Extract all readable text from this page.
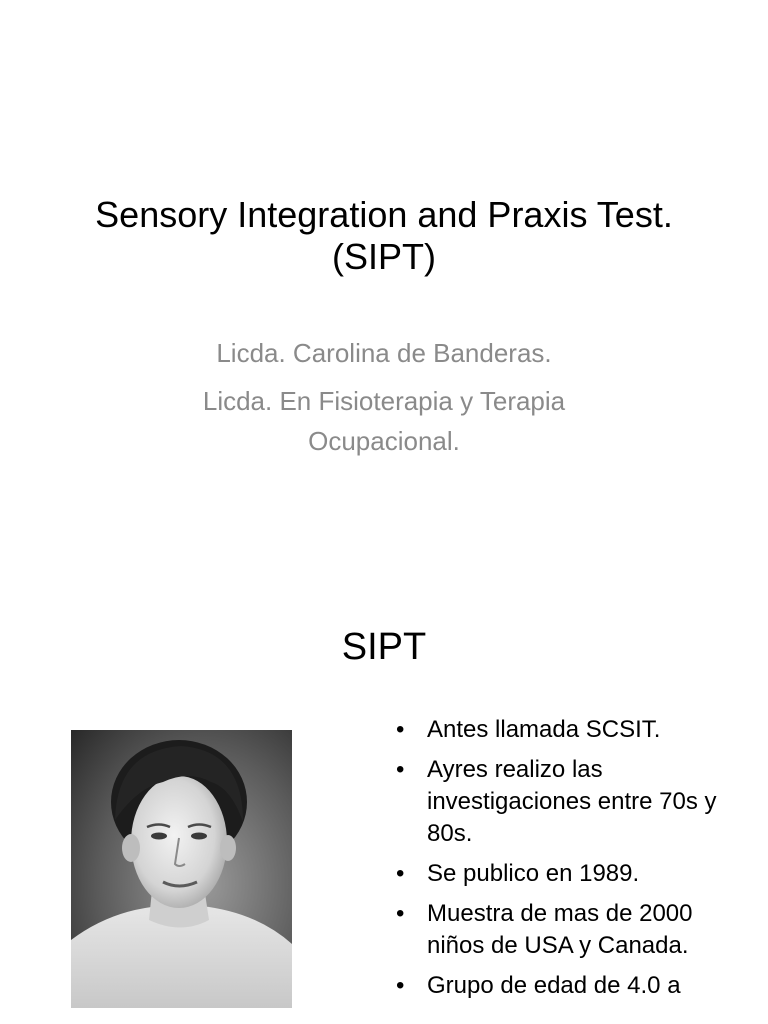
Sensory Integration and Praxis Test.
(SIPT)
Licda. Carolina de Banderas.
Licda. En Fisioterapia y Terapia
Ocupacional.
SIPT
• Antes llamada SCSIT.
• Ayres realizo las investigaciones entre 70s y 80s.
• Se publico en 1989.
• Muestra de mas de 2000 niños de USA y Canada.
• Grupo de edad de 4.0 a
